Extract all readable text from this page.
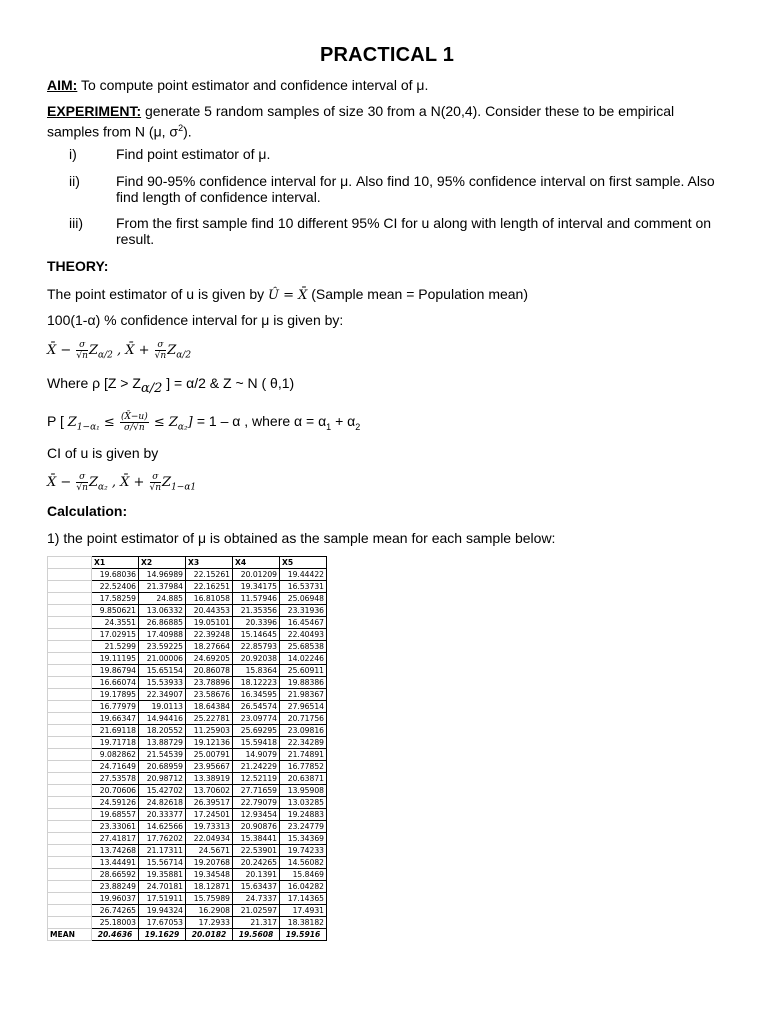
PRACTICAL 1
AIM: To compute point estimator and confidence interval of μ.
EXPERIMENT: generate 5 random samples of size 30 from a N(20,4). Consider these to be empirical
samples from N (μ, $\sigma^2$).
i)	Find point estimator of μ.
ii)	Find 90-95% confidence interval for μ. Also find 10, 95% confidence interval on first sample. Also find length of confidence interval.
iii) From the first sample find 10 different 95% CI for u along with length of interval and comment on result.
THEORY:
The point estimator of u is given by Û = X̄ (Sample mean = Population mean)
100(1-α) % confidence interval for μ is given by:
X̄ − $\frac{\sigma}{√n} Z_{\alpha/2}$ , X̄ + $\frac{\sigma}{√n} Z_{\alpha/2}$
Where ρ [$Z > Z_{\alpha/2}$ ] = α/2 & Z ~ N ( θ,1)
P [ $Z_{1-\alpha_1} \le \frac{(X̄-u)}{\sigma/√n} \le Z_{\alpha_2}] = 1 - \alpha$ , where $\alpha = \alpha_1 + \alpha_2$
CI of u is given by
X̄ − $\frac{\sigma}{√n} Z_{\alpha_2}$ , X̄ + $\frac{\sigma}{√n} Z_{1-\alpha 1}$
Calculation:
1) the point estimator of μ is obtained as the sample mean for each sample below:
	X1	X2	X3	X4	X5
	19.68036	14.96989	22.15261	20.01209	19.44422
	22.52406	21.37984	22.16251	19.34175	16.53731
	17.58259	24.885	16.81058	11.57946	25.06948
	9.850621	13.06332	20.44353	21.35356	23.31936
	24.3551	26.86885	19.05101	20.3396	16.45467
	17.02915	17.40988	22.39248	15.14645	22.40493
	21.5299	23.59225	18.27664	22.85793	25.68538
	19.11195	21.00006	24.69205	20.92038	14.02246
	19.86794	15.65154	20.86078	15.8364	25.60911
	16.66074	15.53933	23.78896	18.12223	19.88386
	19.17895	22.34907	23.58676	16.34595	21.98367
	16.77979	19.0113	18.64384	26.54574	27.96514
	19.66347	14.94416	25.22781	23.09774	20.71756
	21.69118	18.20552	11.25903	25.69295	23.09816
	19.71718	13.88729	19.12136	15.59418	22.34289
	9.082862	21.54539	25.00791	14.9079	21.74891
	24.71649	20.68959	23.95667	21.24229	16.77852
	27.53578	20.98712	13.38919	12.52119	20.63871
	20.70606	15.42702	13.70602	27.71659	13.95908
	24.59126	24.82618	26.39517	22.79079	13.03285
	19.68557	20.33377	17.24501	12.93454	19.24883
	23.33061	14.62566	19.73313	20.90876	23.24779
	27.41817	17.76202	22.04934	15.38441	15.34369
	13.74268	21.17311	24.5671	22.53901	19.74233
	13.44491	15.56714	19.20768	20.24265	14.56082
	28.66592	19.35881	19.34548	20.1391	15.8469
	23.88249	24.70181	18.12871	15.63437	16.04282
	19.96037	17.51911	15.75989	24.7337	17.14365
	26.74265	19.94324	16.2908	21.02597	17.4931
	25.18003	17.67053	17.2933	21.317	18.38182
MEAN	20.4636	19.1629	20.0182	19.5608	19.5916
